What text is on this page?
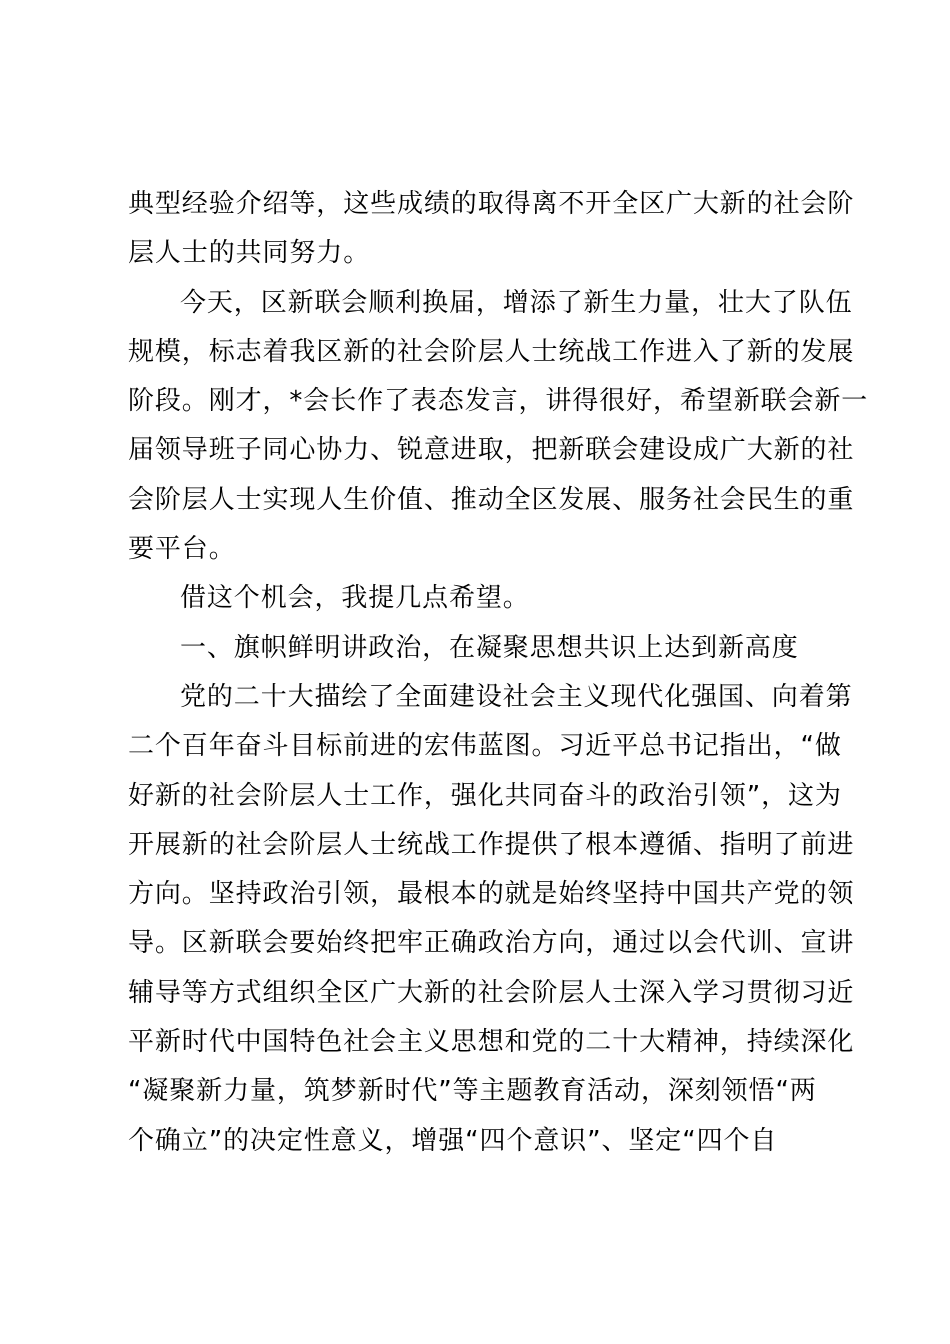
典型经验介绍等，这些成绩的取得离不开全区广大新的社会阶
层人士的共同努力。
今天，区新联会顺利换届，增添了新生力量，壮大了队伍
规模，标志着我区新的社会阶层人士统战工作进入了新的发展
阶段。刚才，*会长作了表态发言，讲得很好，希望新联会新一
届领导班子同心协力、锐意进取，把新联会建设成广大新的社
会阶层人士实现人生价值、推动全区发展、服务社会民生的重
要平台。
借这个机会，我提几点希望。
一、旗帜鲜明讲政治，在凝聚思想共识上达到新高度
党的二十大描绘了全面建设社会主义现代化强国、向着第
二个百年奋斗目标前进的宏伟蓝图。习近平总书记指出，“做
好新的社会阶层人士工作，强化共同奋斗的政治引领”，这为
开展新的社会阶层人士统战工作提供了根本遵循、指明了前进
方向。坚持政治引领，最根本的就是始终坚持中国共产党的领
导。区新联会要始终把牢正确政治方向，通过以会代训、宣讲
辅导等方式组织全区广大新的社会阶层人士深入学习贯彻习近
平新时代中国特色社会主义思想和党的二十大精神，持续深化
“凝聚新力量，筑梦新时代”等主题教育活动，深刻领悟“两
个确立”的决定性意义，增强“四个意识”、坚定“四个自
